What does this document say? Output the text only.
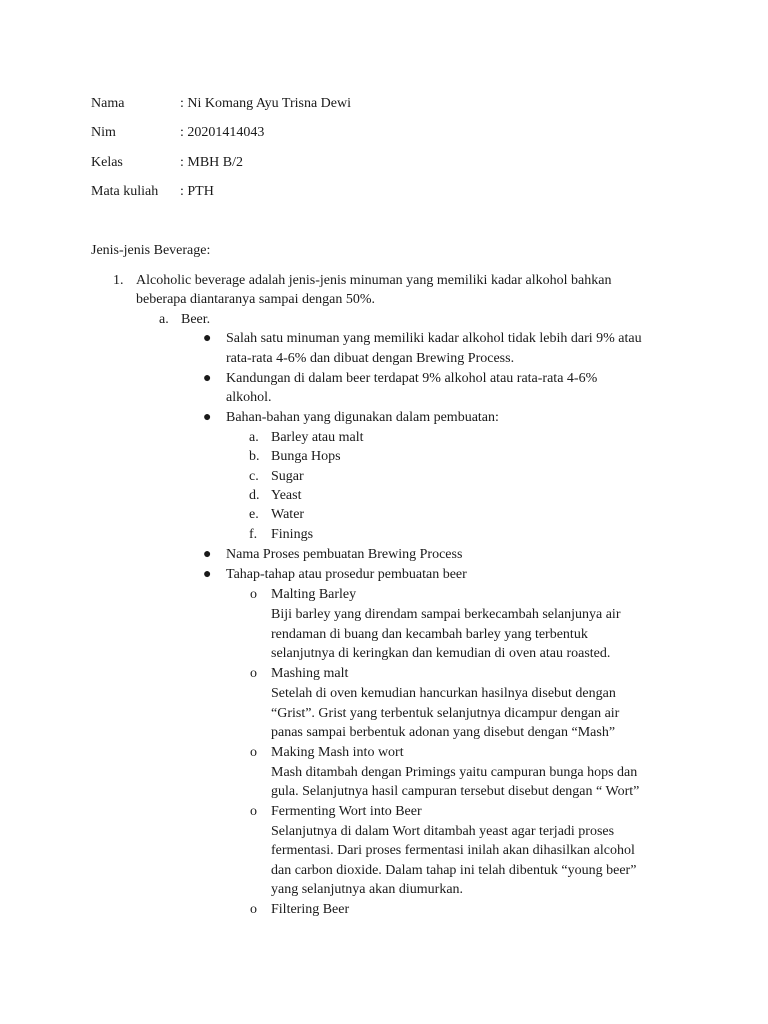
Nama	: Ni Komang Ayu Trisna Dewi
Nim	: 20201414043
Kelas	: MBH B/2
Mata kuliah : PTH
Jenis-jenis Beverage:
1. Alcoholic beverage adalah jenis-jenis minuman yang memiliki kadar alkohol bahkan
beberapa diantaranya sampai dengan 50%.
a. Beer.
● Salah satu minuman yang memiliki kadar alkohol tidak lebih dari 9% atau
rata-rata 4-6% dan dibuat dengan Brewing Process.
● Kandungan di dalam beer terdapat 9% alkohol atau rata-rata 4-6%
alkohol.
● Bahan-bahan yang digunakan dalam pembuatan:
a. Barley atau malt
b. Bunga Hops
c. Sugar
d. Yeast
e. Water
f. Finings
● Nama Proses pembuatan Brewing Process
● Tahap-tahap atau prosedur pembuatan beer
o Malting Barley
Biji barley yang direndam sampai berkecambah selanjunya air
rendaman di buang dan kecambah barley yang terbentuk
selanjutnya di keringkan dan kemudian di oven atau roasted.
o Mashing malt
Setelah di oven kemudian hancurkan hasilnya disebut dengan
“Grist”. Grist yang terbentuk selanjutnya dicampur dengan air
panas sampai berbentuk adonan yang disebut dengan “Mash”
o Making Mash into wort
Mash ditambah dengan Primings yaitu campuran bunga hops dan
gula. Selanjutnya hasil campuran tersebut disebut dengan “ Wort”
o Fermenting Wort into Beer
Selanjutnya di dalam Wort ditambah yeast agar terjadi proses
fermentasi. Dari proses fermentasi inilah akan dihasilkan alcohol
dan carbon dioxide. Dalam tahap ini telah dibentuk “young beer”
yang selanjutnya akan diumurkan.
o Filtering Beer
